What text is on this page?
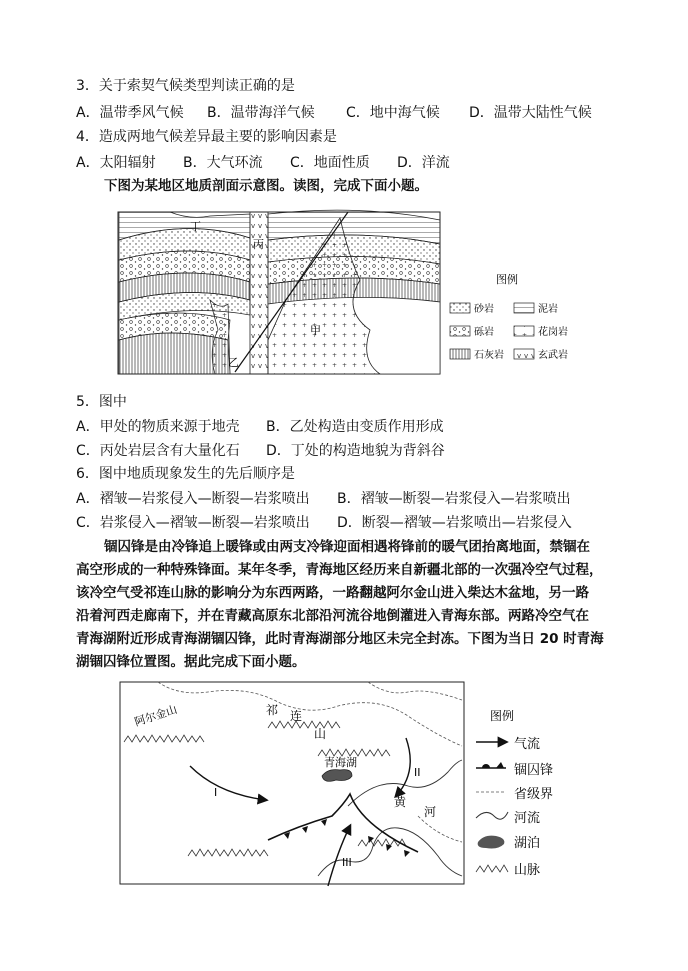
3．关于索契气候类型判读正确的是
A．温带季风气候 B．温带海洋气候 C．地中海气候 D．温带大陆性气候
4．造成两地气候差异最主要的影响因素是
A．太阳辐射 B．大气环流 C．地面性质 D．洋流
下图为某地区地质剖面示意图。读图，完成下面小题。
丁
丙
甲
乙
图例
砂岩	泥岩
砾岩	花岗岩
石灰岩	玄武岩
5．图中
A．甲处的物质来源于地壳 B．乙处构造由变质作用形成
C．丙处岩层含有大量化石 D．丁处的构造地貌为背斜谷
6．图中地质现象发生的先后顺序是
A．褶皱—岩浆侵入—断裂—岩浆喷出 B．褶皱—断裂—岩浆侵入—岩浆喷出
C．岩浆侵入—褶皱—断裂—岩浆喷出 D．断裂—褶皱—岩浆喷出—岩浆侵入
锢囚锋是由冷锋追上暖锋或由两支冷锋迎面相遇将锋前的暖气团抬离地面，禁锢在
高空形成的一种特殊锋面。某年冬季，青海地区经历来自新疆北部的一次强冷空气过程，
该冷空气受祁连山脉的影响分为东西两路，一路翻越阿尔金山进入柴达木盆地，另一路
沿着河西走廊南下，并在青藏高原东北部沿河流谷地倒灌进入青海东部。两路冷空气在
青海湖附近形成青海湖锢囚锋，此时青海湖部分地区未完全封冻。下图为当日 20 时青海
湖锢囚锋位置图。据此完成下面小题。
青海湖
阿尔金山	祁 连
山
黄
河
I
II
III
图例
气流
锢囚锋
省级界
河流
湖泊
山脉
